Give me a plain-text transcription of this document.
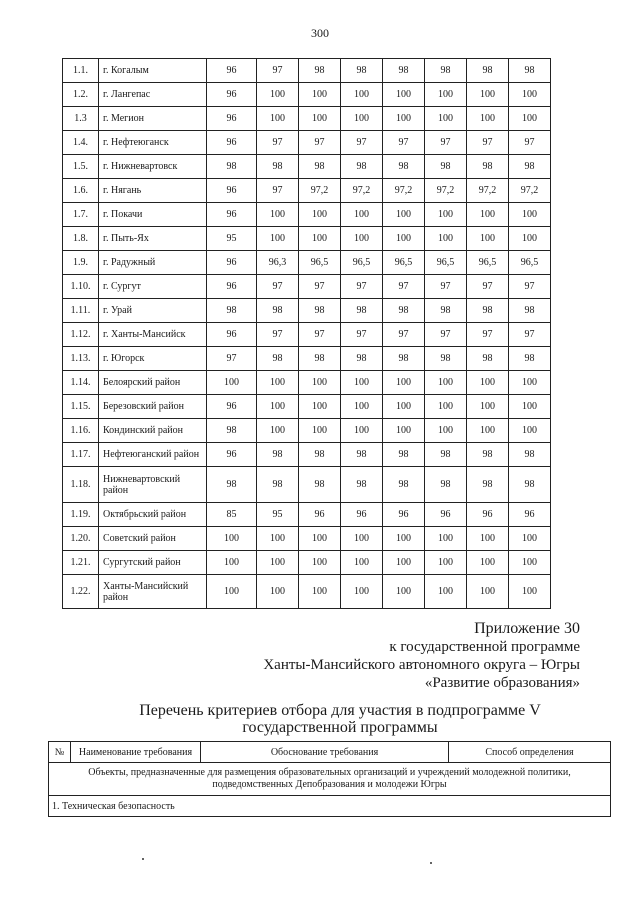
300
1.1.	г. Когалым	96	97	98	98	98	98	98	98
1.2.	г. Лангепас	96	100	100	100	100	100	100	100
1.3	г. Мегион	96	100	100	100	100	100	100	100
1.4.	г. Нефтеюганск	96	97	97	97	97	97	97	97
1.5.	г. Нижневартовск	98	98	98	98	98	98	98	98
1.6.	г. Нягань	96	97	97,2	97,2	97,2	97,2	97,2	97,2
1.7.	г. Покачи	96	100	100	100	100	100	100	100
1.8.	г. Пыть-Ях	95	100	100	100	100	100	100	100
1.9.	г. Радужный	96	96,3	96,5	96,5	96,5	96,5	96,5	96,5
1.10.	г. Сургут	96	97	97	97	97	97	97	97
1.11.	г. Урай	98	98	98	98	98	98	98	98
1.12.	г. Ханты-Мансийск	96	97	97	97	97	97	97	97
1.13.	г. Югорск	97	98	98	98	98	98	98	98
1.14.	Белоярский район	100	100	100	100	100	100	100	100
1.15.	Березовский район	96	100	100	100	100	100	100	100
1.16.	Кондинский район	98	100	100	100	100	100	100	100
1.17.	Нефтеюганский район	96	98	98	98	98	98	98	98
1.18.	Нижневартовский район	98	98	98	98	98	98	98	98
1.19.	Октябрьский район	85	95	96	96	96	96	96	96
1.20.	Советский район	100	100	100	100	100	100	100	100
1.21.	Сургутский район	100	100	100	100	100	100	100	100
1.22.	Ханты-Мансийский район	100	100	100	100	100	100	100	100
Приложение 30
к государственной программе
Ханты-Мансийского автономного округа – Югры
«Развитие образования»
Перечень критериев отбора для участия в подпрограмме V
государственной программы
№	Наименование требования	Обоснование требования	Способ определения
Объекты, предназначенные для размещения образовательных организаций и учреждений молодежной политики, подведомственных Депобразования и молодежи Югры
1. Техническая безопасность
